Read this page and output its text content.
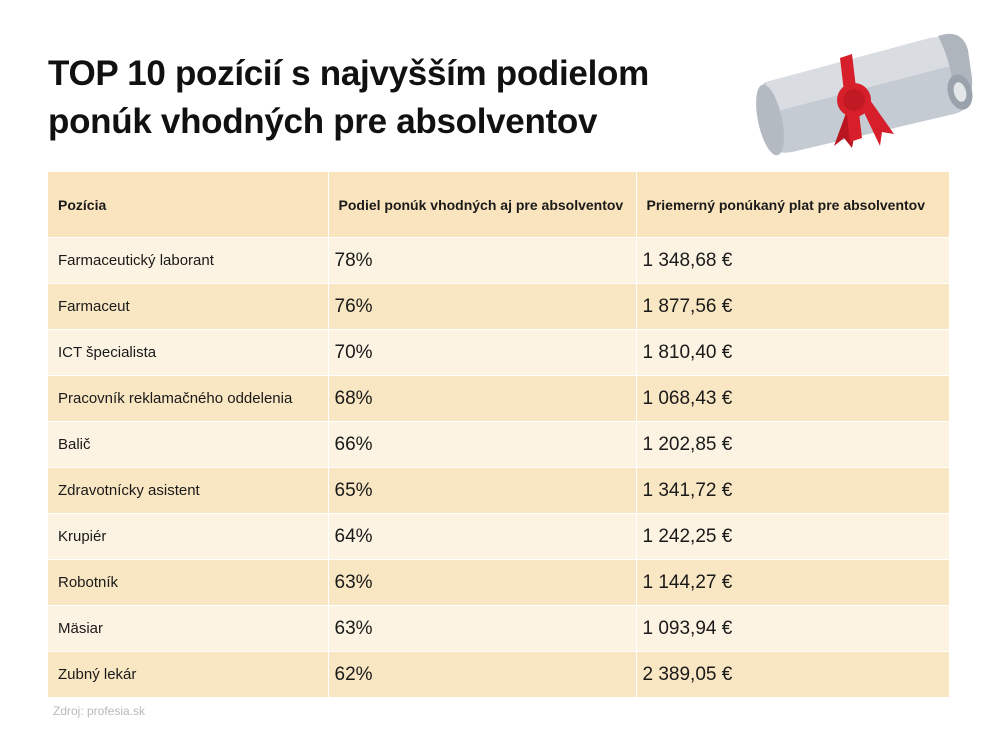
TOP 10 pozícií s najvyšším podielom
ponúk vhodných pre absolventov
Pozícia	Podiel ponúk vhodných aj pre absolventov	Priemerný ponúkaný plat pre absolventov
Farmaceutický laborant	78%	1 348,68 €
Farmaceut	76%	1 877,56 €
ICT špecialista	70%	1 810,40 €
Pracovník reklamačného oddelenia	68%	1 068,43 €
Balič	66%	1 202,85 €
Zdravotnícky asistent	65%	1 341,72 €
Krupiér	64%	1 242,25 €
Robotník	63%	1 144,27 €
Mäsiar	63%	1 093,94 €
Zubný lekár	62%	2 389,05 €
Zdroj: profesia.sk
